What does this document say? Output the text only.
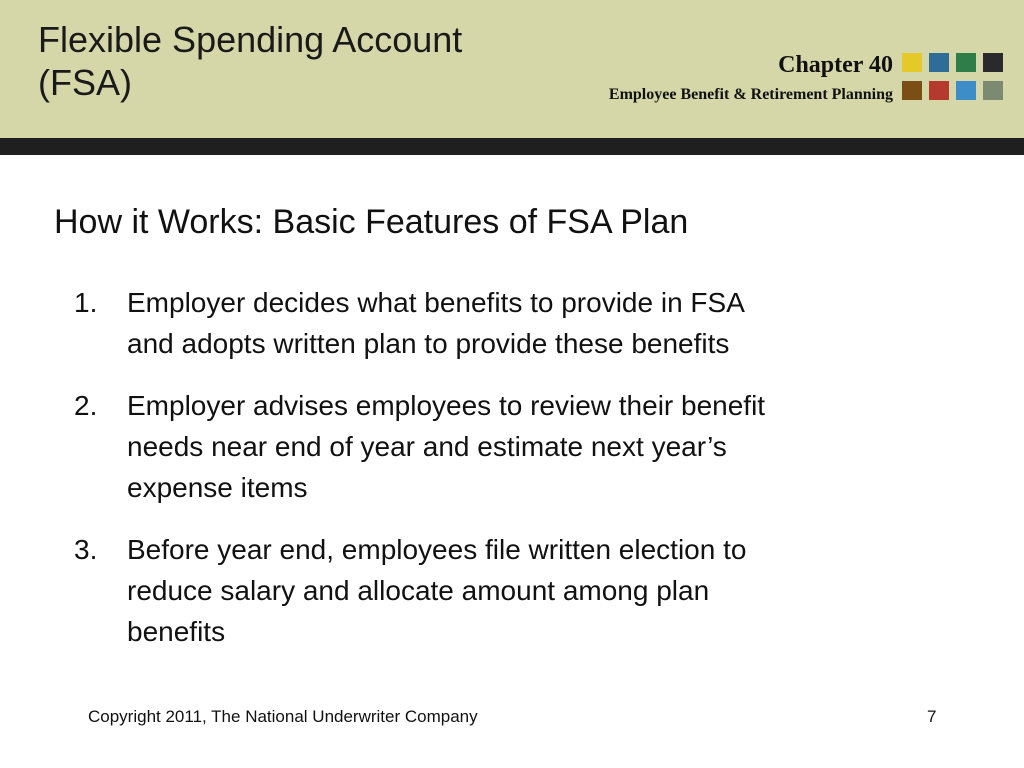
Flexible Spending Account
(FSA)	Chapter 40
Employee Benefit & Retirement Planning
How it Works: Basic Features of FSA Plan
1. Employer decides what benefits to provide in FSA
and adopts written plan to provide these benefits
2. Employer advises employees to review their benefit
needs near end of year and estimate next year’s
expense items
3. Before year end, employees file written election to
reduce salary and allocate amount among plan
benefits
Copyright 2011, The National Underwriter Company	7
